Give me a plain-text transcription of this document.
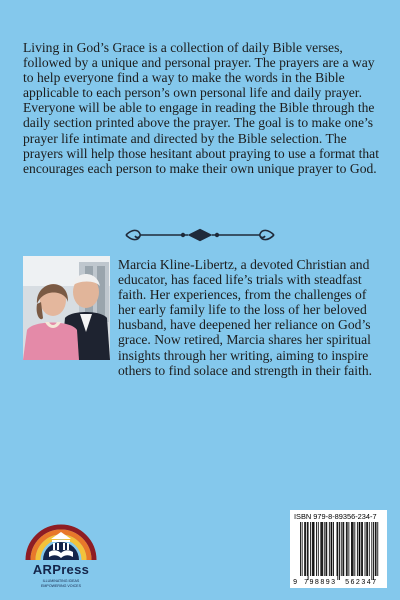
Living in God’s Grace is a collection of daily Bible verses, followed by a unique and personal prayer. The prayers are a way to help everyone find a way to make the words in the Bible applicable to each person’s own personal life and daily prayer. Everyone will be able to engage in reading the Bible through the daily section printed above the prayer. The goal is to make one’s prayer life intimate and directed by the Bible selection. The prayers will help those hesitant about praying to use a format that encourages each person to make their own unique prayer to God.

Marcia Kline-Libertz, a devoted Christian and educator, has faced life’s trials with steadfast faith. Her experiences, from the challenges of her early family life to the loss of her beloved husband, have deepened her reliance on God’s grace. Now retired, Marcia shares her spiritual insights through her writing, aiming to inspire others to find solace and strength in their faith.

ARPress
ILLUMINATING IDEAS
EMPOWERING VOICES
ISBN 979-8-89356-234-7
9 798893 562347
